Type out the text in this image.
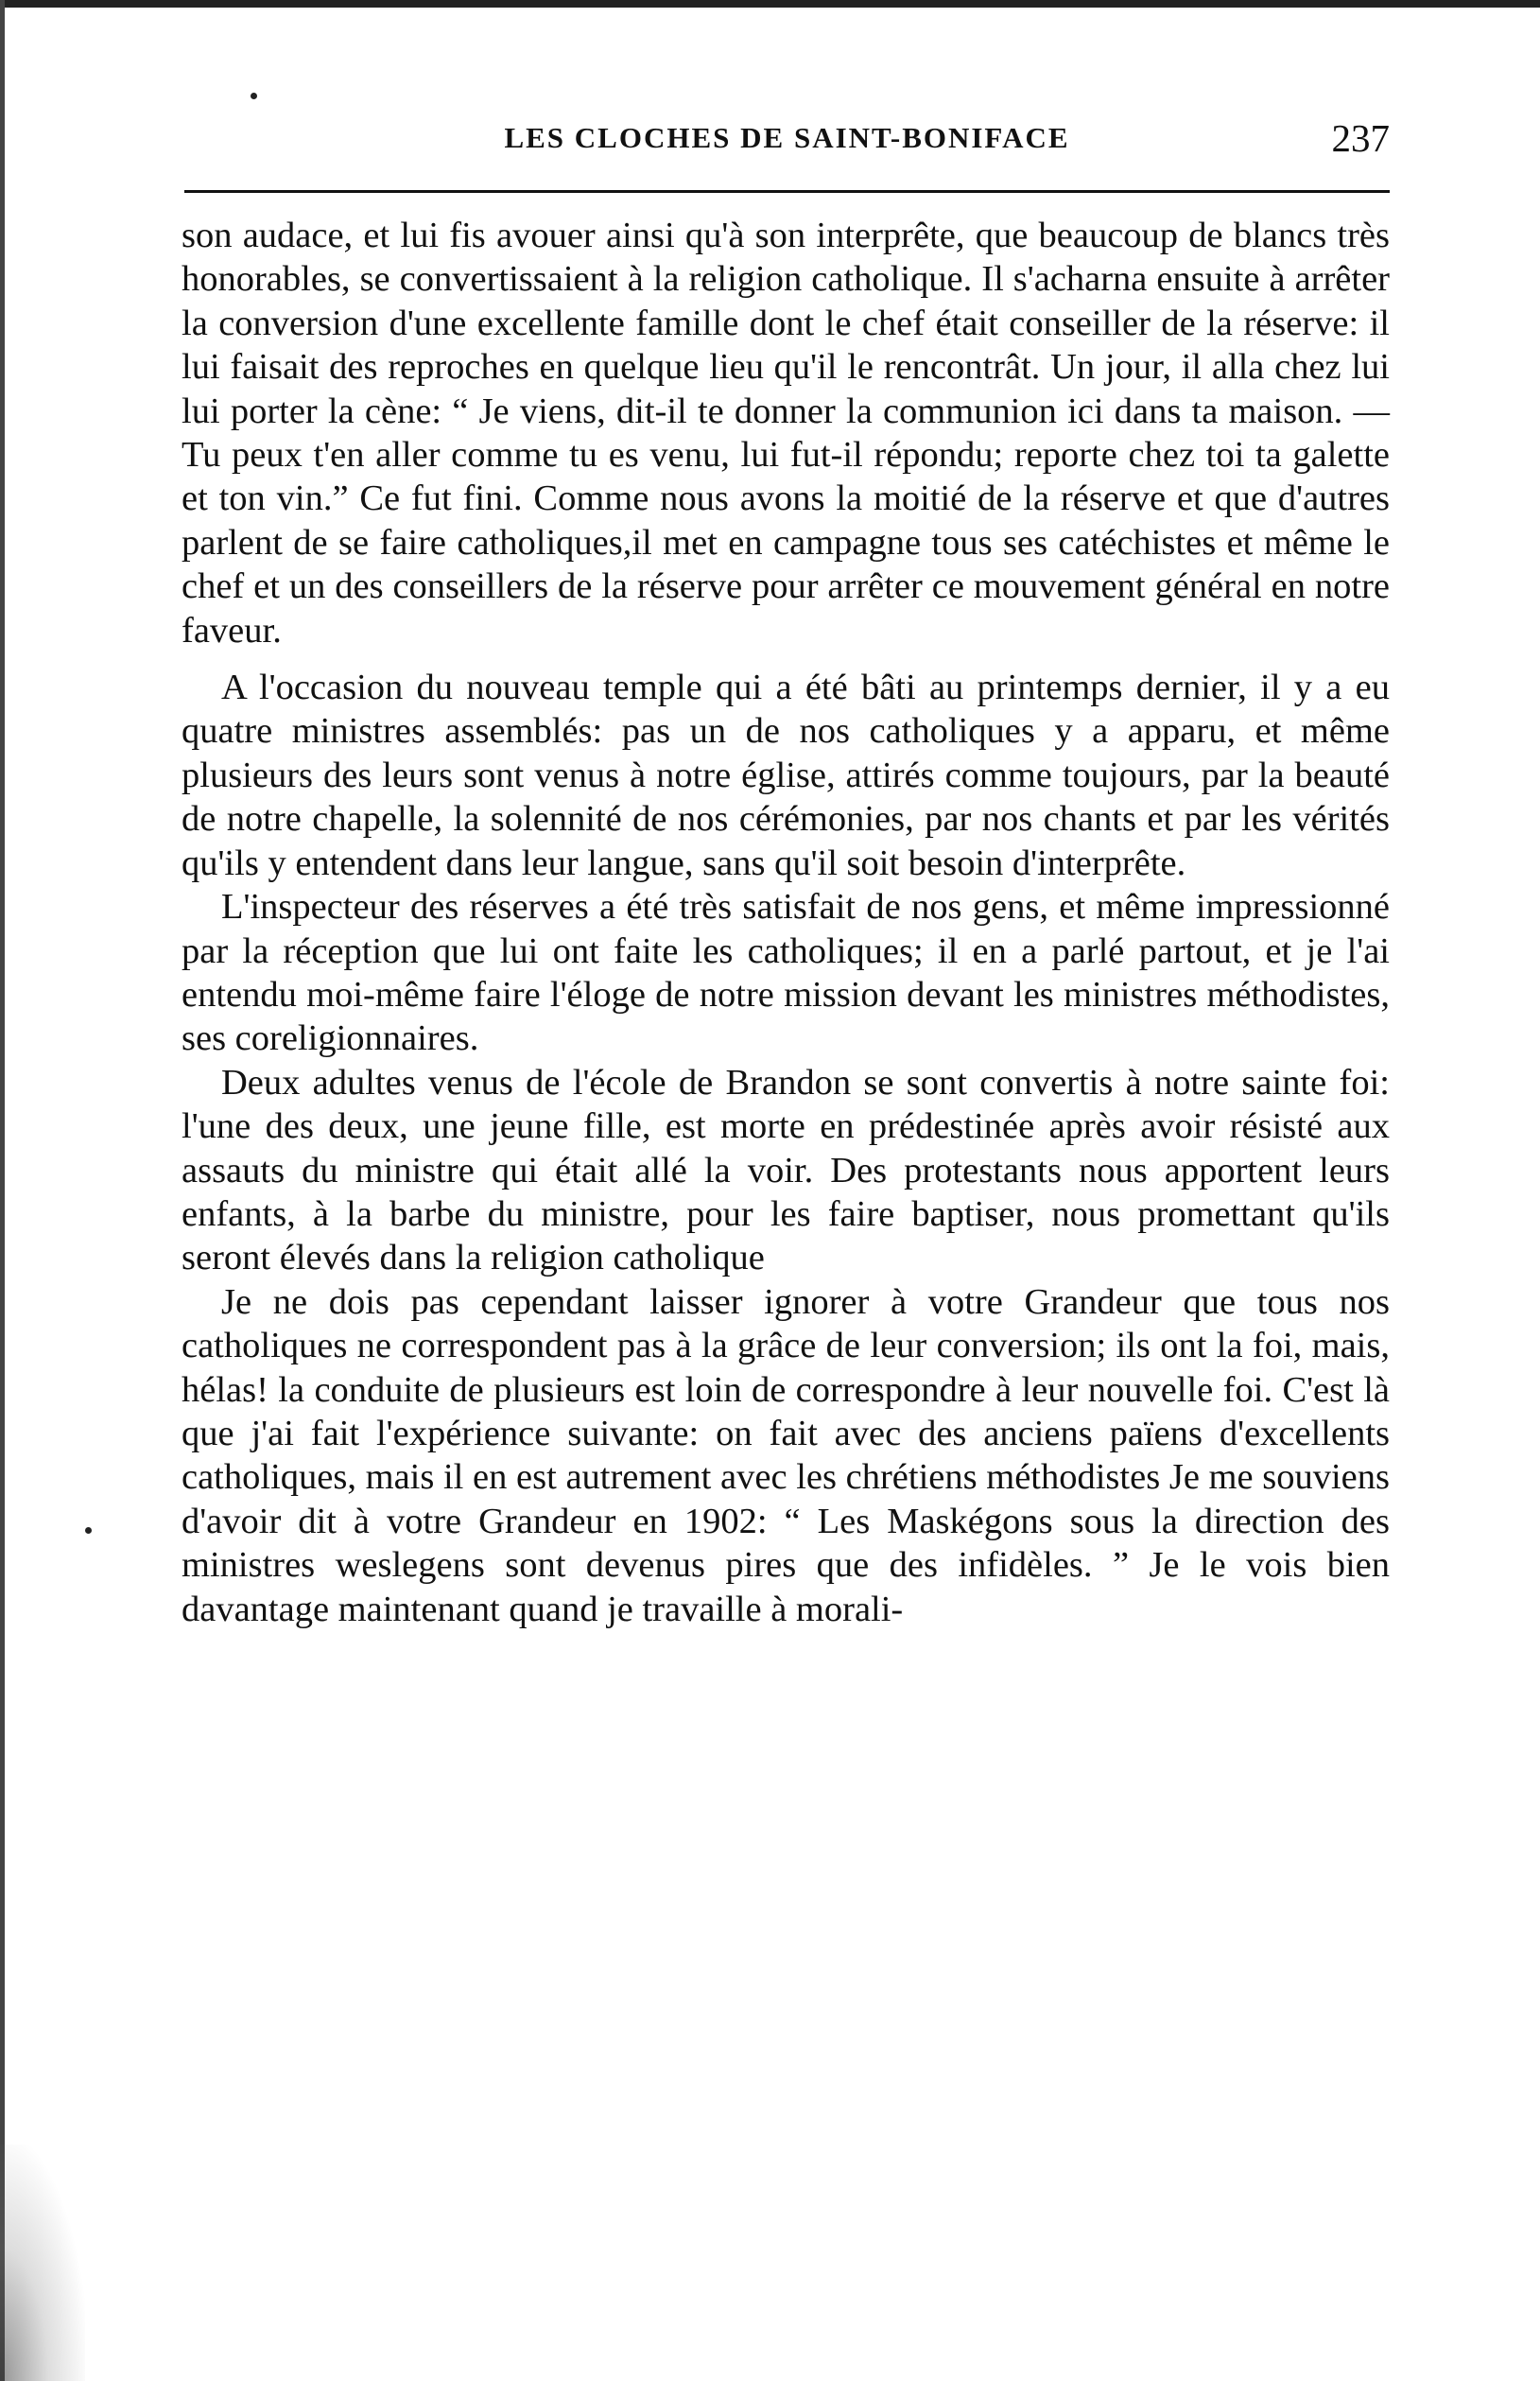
LES CLOCHES DE SAINT-BONIFACE	237

son audace, et lui fis avouer ainsi qu'à son interprête, que beaucoup de blancs très honorables, se convertissaient à la religion catholique. Il s'acharna ensuite à arrêter la conversion d'une excellente famille dont le chef était conseiller de la réserve: il lui faisait des reproches en quelque lieu qu'il le rencontrât. Un jour, il alla chez lui lui porter la cène: “ Je viens, dit-il te donner la communion ici dans ta maison. —Tu peux t'en aller comme tu es venu, lui fut-il répondu; reporte chez toi ta galette et ton vin.” Ce fut fini. Comme nous avons la moitié de la réserve et que d'autres parlent de se faire catholiques,il met en campagne tous ses catéchistes et même le chef et un des conseillers de la réserve pour arrêter ce mouvement général en notre faveur.

A l'occasion du nouveau temple qui a été bâti au printemps dernier, il y a eu quatre ministres assemblés: pas un de nos catholiques y a apparu, et même plusieurs des leurs sont venus à notre église, attirés comme toujours, par la beauté de notre chapelle, la solennité de nos cérémonies, par nos chants et par les vérités qu'ils y entendent dans leur langue, sans qu'il soit besoin d'interprête.

L'inspecteur des réserves a été très satisfait de nos gens, et même impressionné par la réception que lui ont faite les catholiques; il en a parlé partout, et je l'ai entendu moi-même faire l'éloge de notre mission devant les ministres méthodistes, ses coreligionnaires.

Deux adultes venus de l'école de Brandon se sont convertis à notre sainte foi: l'une des deux, une jeune fille, est morte en prédestinée après avoir résisté aux assauts du ministre qui était allé la voir. Des protestants nous apportent leurs enfants, à la barbe du ministre, pour les faire baptiser, nous promettant qu'ils seront élevés dans la religion catholique

Je ne dois pas cependant laisser ignorer à votre Grandeur que tous nos catholiques ne correspondent pas à la grâce de leur conversion; ils ont la foi, mais, hélas! la conduite de plusieurs est loin de correspondre à leur nouvelle foi. C'est là que j'ai fait l'expérience suivante: on fait avec des anciens païens d'excellents catholiques, mais il en est autrement avec les chrétiens méthodistes Je me souviens d'avoir dit à votre Grandeur en 1902: “ Les Maskégons sous la direction des ministres weslegens sont devenus pires que des infidèles. ” Je le vois bien davantage maintenant quand je travaille à morali-
